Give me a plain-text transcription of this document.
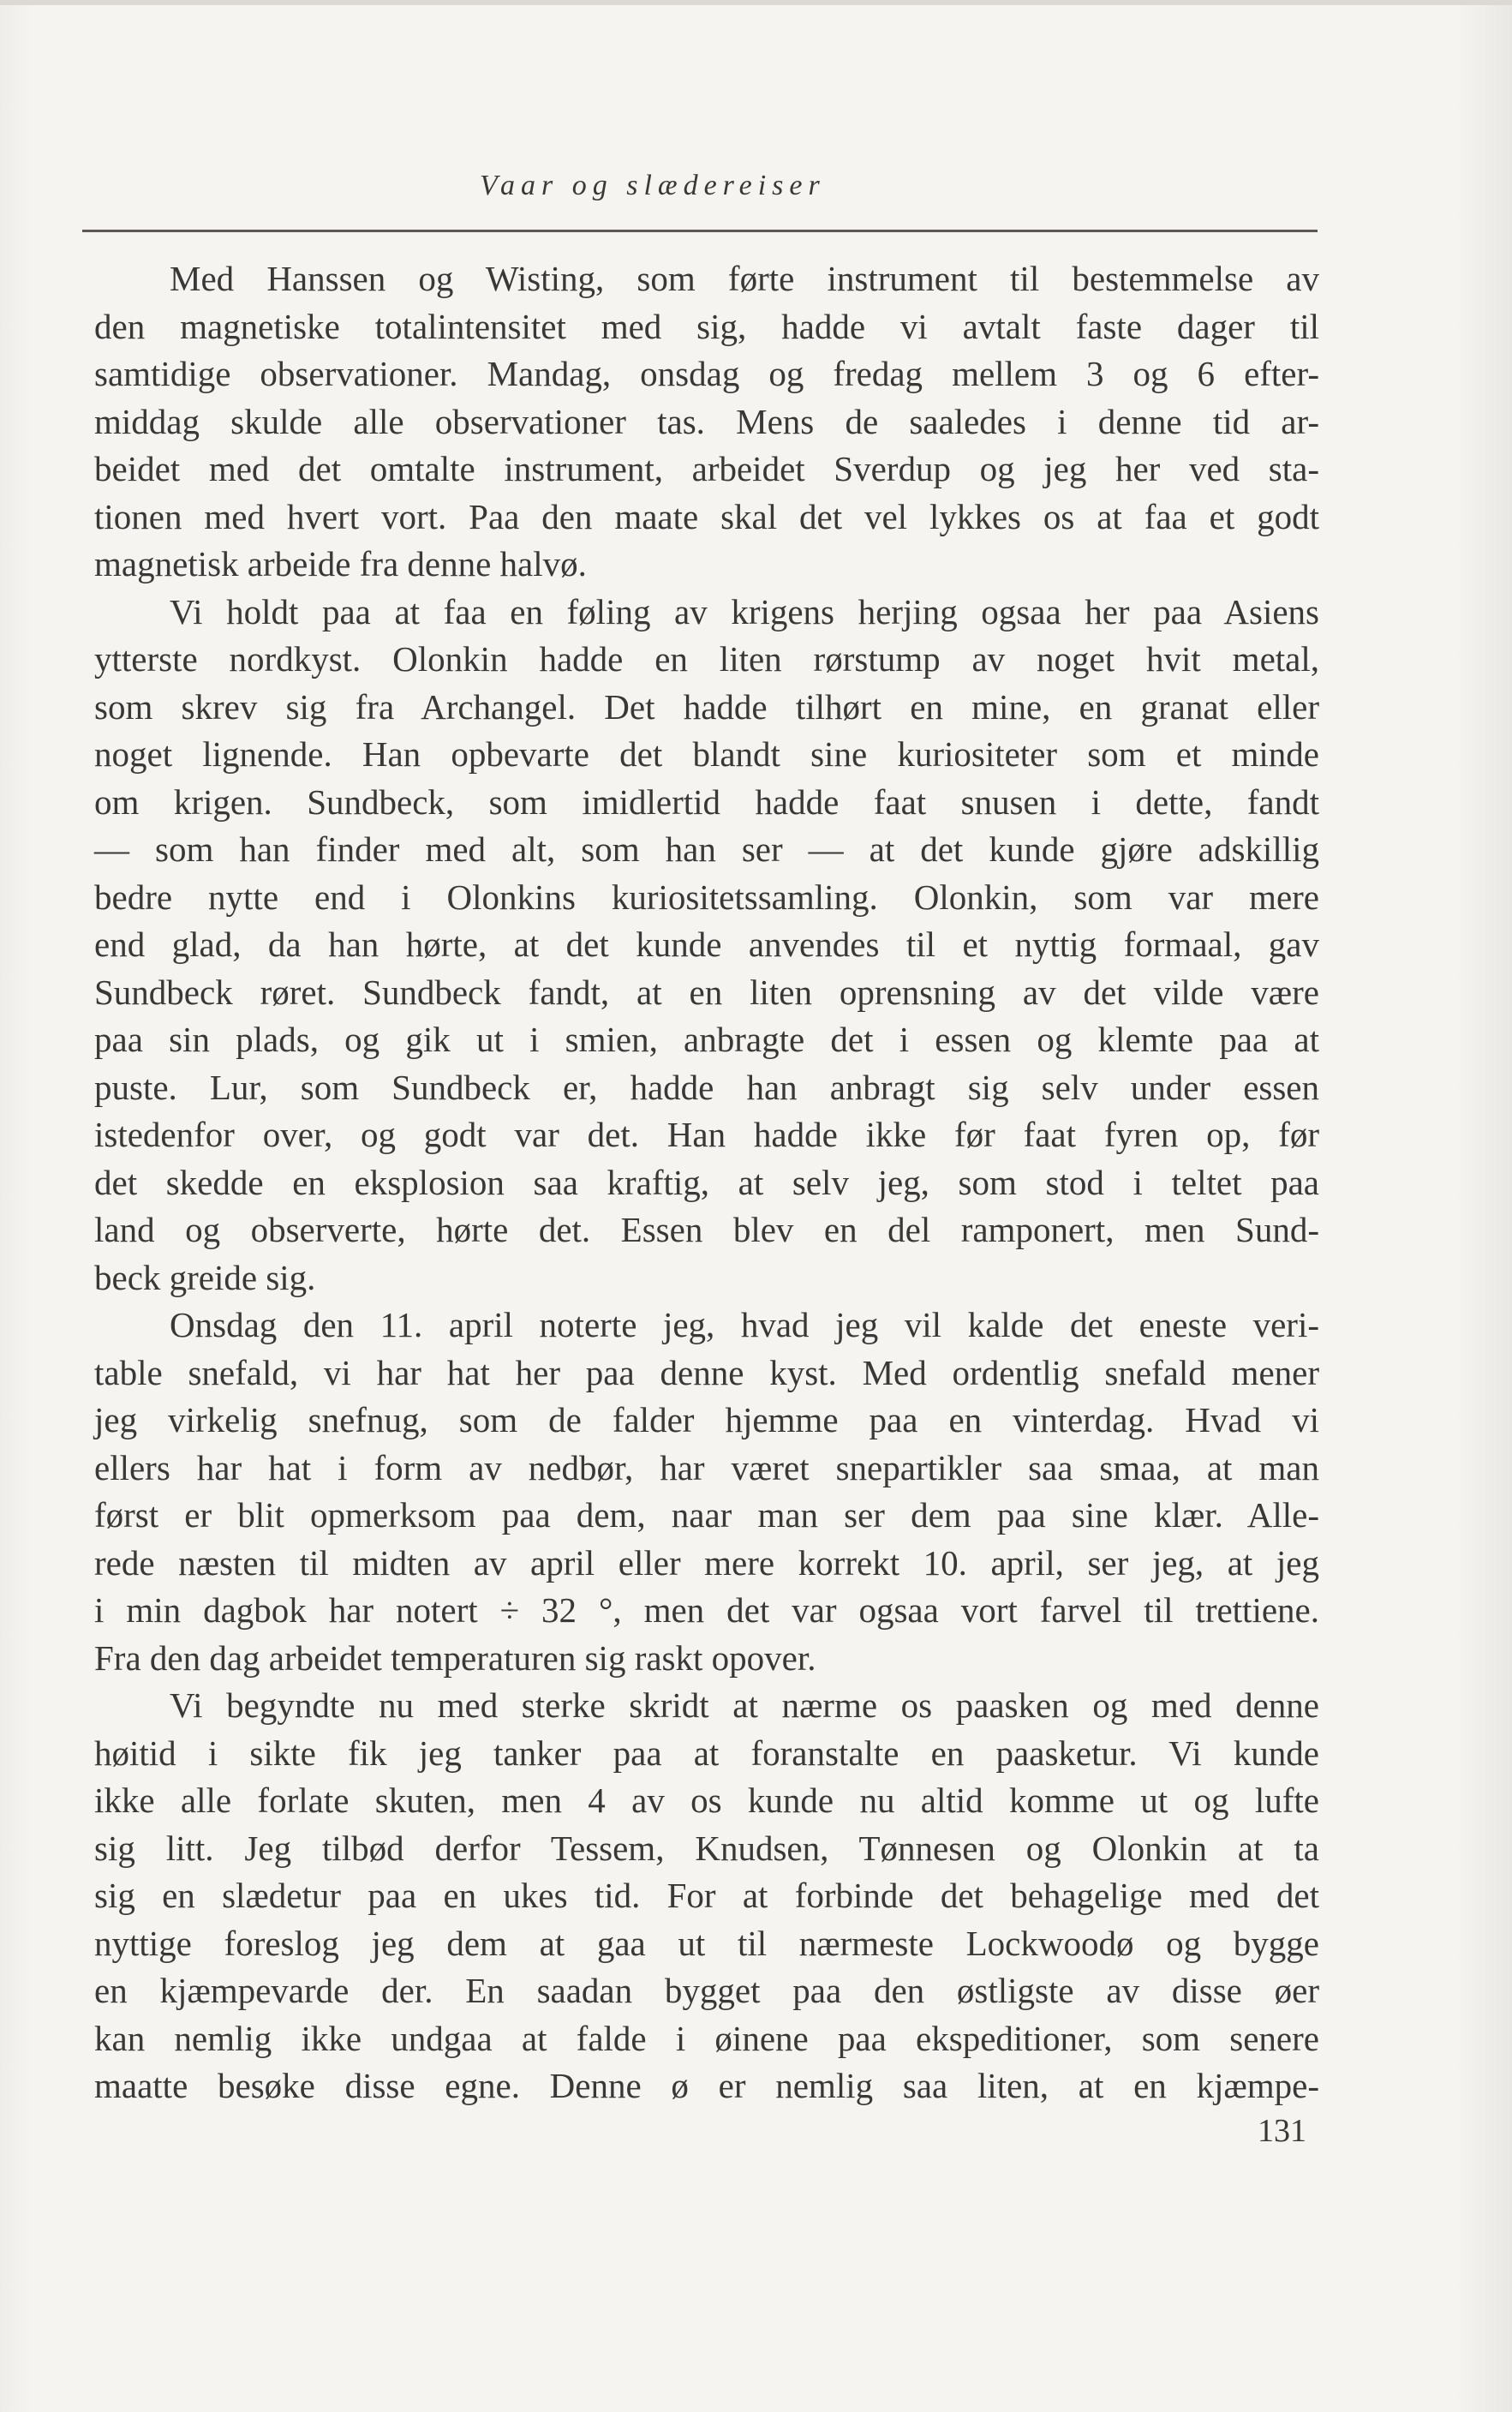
Vaar og slædereiser

Med Hanssen og Wisting, som førte instrument til bestemmelse av
den magnetiske totalintensitet med sig, hadde vi avtalt faste dager til
samtidige observationer. Mandag, onsdag og fredag mellem 3 og 6 efter-
middag skulde alle observationer tas. Mens de saaledes i denne tid ar-
beidet med det omtalte instrument, arbeidet Sverdup og jeg her ved sta-
tionen med hvert vort. Paa den maate skal det vel lykkes os at faa et godt
magnetisk arbeide fra denne halvø.

Vi holdt paa at faa en føling av krigens herjing ogsaa her paa Asiens
ytterste nordkyst. Olonkin hadde en liten rørstump av noget hvit metal,
som skrev sig fra Archangel. Det hadde tilhørt en mine, en granat eller
noget lignende. Han opbevarte det blandt sine kuriositeter som et minde
om krigen. Sundbeck, som imidlertid hadde faat snusen i dette, fandt
— som han finder med alt, som han ser — at det kunde gjøre adskillig
bedre nytte end i Olonkins kuriositetssamling. Olonkin, som var mere
end glad, da han hørte, at det kunde anvendes til et nyttig formaal, gav
Sundbeck røret. Sundbeck fandt, at en liten oprensning av det vilde være
paa sin plads, og gik ut i smien, anbragte det i essen og klemte paa at
puste. Lur, som Sundbeck er, hadde han anbragt sig selv under essen
istedenfor over, og godt var det. Han hadde ikke før faat fyren op, før
det skedde en eksplosion saa kraftig, at selv jeg, som stod i teltet paa
land og observerte, hørte det. Essen blev en del ramponert, men Sund-
beck greide sig.

Onsdag den 11. april noterte jeg, hvad jeg vil kalde det eneste veri-
table snefald, vi har hat her paa denne kyst. Med ordentlig snefald mener
jeg virkelig snefnug, som de falder hjemme paa en vinterdag. Hvad vi
ellers har hat i form av nedbør, har været snepartikler saa smaa, at man
først er blit opmerksom paa dem, naar man ser dem paa sine klær. Alle-
rede næsten til midten av april eller mere korrekt 10. april, ser jeg, at jeg
i min dagbok har notert ÷ 32 °, men det var ogsaa vort farvel til trettiene.
Fra den dag arbeidet temperaturen sig raskt opover.

Vi begyndte nu med sterke skridt at nærme os paasken og med denne
høitid i sikte fik jeg tanker paa at foranstalte en paasketur. Vi kunde
ikke alle forlate skuten, men 4 av os kunde nu altid komme ut og lufte
sig litt. Jeg tilbød derfor Tessem, Knudsen, Tønnesen og Olonkin at ta
sig en slædetur paa en ukes tid. For at forbinde det behagelige med det
nyttige foreslog jeg dem at gaa ut til nærmeste Lockwoodø og bygge
en kjæmpevarde der. En saadan bygget paa den østligste av disse øer
kan nemlig ikke undgaa at falde i øinene paa ekspeditioner, som senere
maatte besøke disse egne. Denne ø er nemlig saa liten, at en kjæmpe-

131
